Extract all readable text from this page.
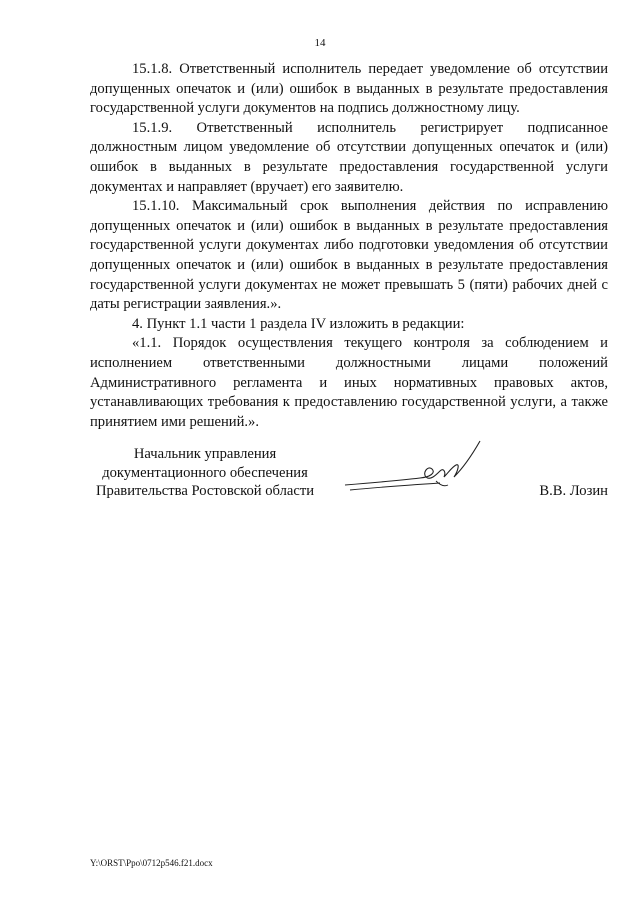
14

15.1.8. Ответственный исполнитель передает уведомление об отсутствии допущенных опечаток и (или) ошибок в выданных в результате предоставления государственной услуги документов на подпись должностному лицу.

15.1.9. Ответственный исполнитель регистрирует подписанное должностным лицом уведомление об отсутствии допущенных опечаток и (или) ошибок в выданных в результате предоставления государственной услуги документах и направляет (вручает) его заявителю.

15.1.10. Максимальный срок выполнения действия по исправлению допущенных опечаток и (или) ошибок в выданных в результате предоставления государственной услуги документах либо подготовки уведомления об отсутствии допущенных опечаток и (или) ошибок в выданных в результате предоставления государственной услуги документах не может превышать 5 (пяти) рабочих дней с даты регистрации заявления.».

4. Пункт 1.1 части 1 раздела IV изложить в редакции:

«1.1. Порядок осуществления текущего контроля за соблюдением и исполнением ответственными должностными лицами положений Административного регламента и иных нормативных правовых актов, устанавливающих требования к предоставлению государственной услуги, а также принятием ими решений.».

Начальник управления
документационного обеспечения
Правительства Ростовской области	В.В. Лозин
Y:\ORST\Ppo\0712p546.f21.docx
